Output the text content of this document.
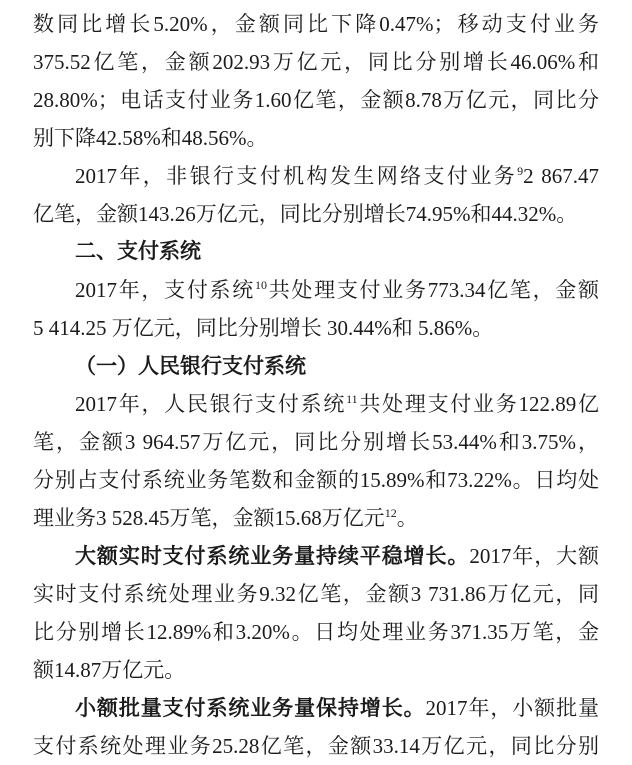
数同比增长5.20%，金额同比下降0.47%；移动支付业务
375.52亿笔，金额202.93万亿元，同比分别增长46.06%和
28.80%；电话支付业务1.60亿笔，金额8.78万亿元，同比分
别下降42.58%和48.56%。
2017年，非银行支付机构发生网络支付业务$^9$2 867.47
亿笔，金额143.26万亿元，同比分别增长74.95%和44.32%。
二、支付系统
2017年，支付系统$^{10}$共处理支付业务773.34亿笔，金额
5 414.25 万亿元，同比分别增长 30.44%和 5.86%。
（一）人民银行支付系统
2017年，人民银行支付系统$^{11}$共处理支付业务122.89亿
笔，金额3 964.57万亿元，同比分别增长53.44%和3.75%，
分别占支付系统业务笔数和金额的15.89%和73.22%。日均处
理业务3 528.45万笔，金额15.68万亿元$^{12}$。
大额实时支付系统业务量持续平稳增长。2017年，大额
实时支付系统处理业务9.32亿笔，金额3 731.86万亿元，同
比分别增长12.89%和3.20%。日均处理业务371.35万笔，金
额14.87万亿元。
小额批量支付系统业务量保持增长。2017年，小额批量
支付系统处理业务25.28亿笔，金额33.14万亿元，同比分别
